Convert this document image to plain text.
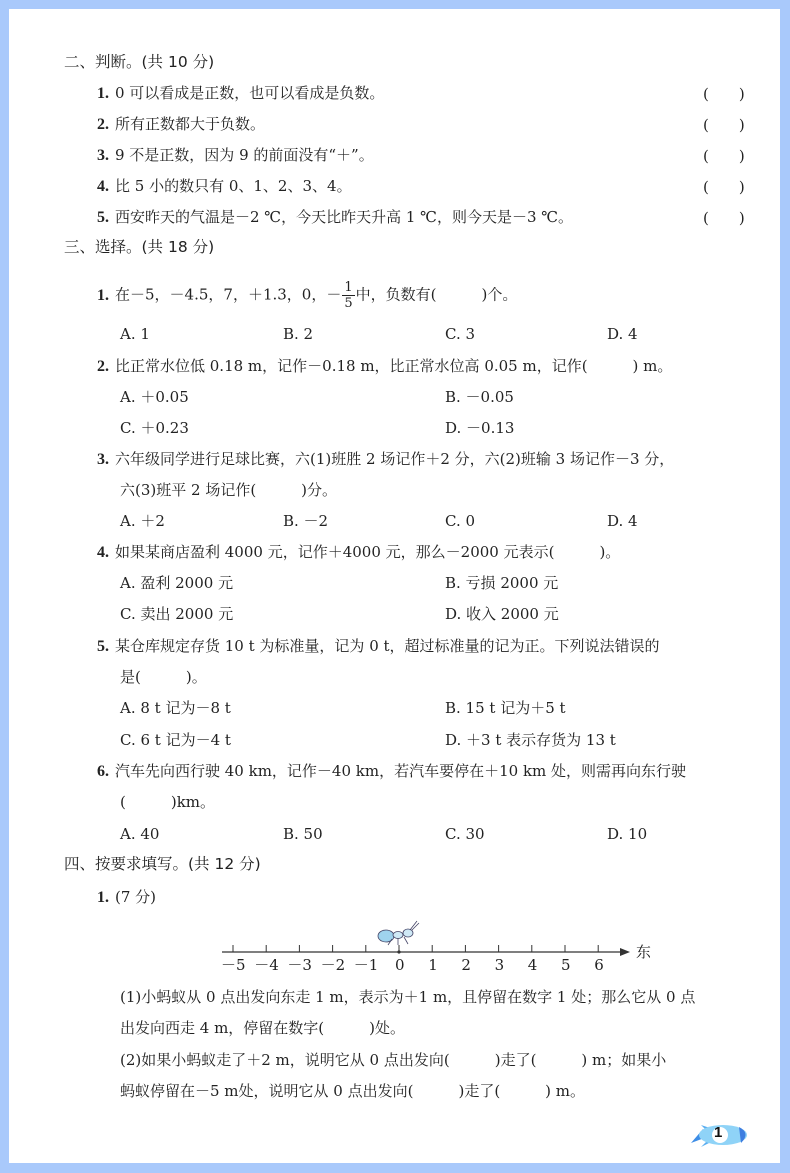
二、判断。(共 10 分)
1. 0 可以看成是正数，也可以看成是负数。	(　　)
2. 所有正数都大于负数。	(　　)
3. 9 不是正数，因为 9 的前面没有“＋”。	(　　)
4. 比 5 小的数只有 0、1、2、3、4。	(　　)
5. 西安昨天的气温是－2 ℃，今天比昨天升高 1 ℃，则今天是－3 ℃。	(　　)
三、选择。(共 18 分)
1. 在－5，－4.5，7，＋1.3，0，－ $\frac{1}{5}$ 中，负数有(　　　)个。
A. 1	B. 2	C. 3	D. 4
2. 比正常水位低 0.18 m，记作－0.18 m，比正常水位高 0.05 m，记作(　　　) m。
A. ＋0.05	B. －0.05
C. ＋0.23	D. －0.13
3. 六年级同学进行足球比赛，六(1)班胜 2 场记作＋2 分，六(2)班输 3 场记作－3 分，
六(3)班平 2 场记作(　　　)分。
A. ＋2	B. －2	C. 0	D. 4
4. 如果某商店盈利 4000 元，记作＋4000 元，那么－2000 元表示(　　　)。
A. 盈利 2000 元	B. 亏损 2000 元
C. 卖出 2000 元	D. 收入 2000 元
5. 某仓库规定存货 10 t 为标准量，记为 0 t，超过标准量的记为正。下列说法错误的
是(　　　)。
A. 8 t 记为－8 t	B. 15 t 记为＋5 t
C. 6 t 记为－4 t	D. ＋3 t 表示存货为 13 t
6. 汽车先向西行驶 40 km，记作－40 km，若汽车要停在＋10 km 处，则需再向东行驶
(　　　)km。
A. 40	B. 50	C. 30	D. 10
四、按要求填写。(共 12 分)
1. (7 分)
东
－5 －4 －3 －2 －1 0 1 2 3 4 5 6
(1)小蚂蚁从 0 点出发向东走 1 m，表示为＋1 m，且停留在数字 1 处；那么它从 0 点
出发向西走 4 m，停留在数字(　　　)处。
(2)如果小蚂蚁走了＋2 m，说明它从 0 点出发向(　　　)走了(　　　) m；如果小
蚂蚁停留在－5 m处，说明它从 0 点出发向(　　　)走了(　　　) m。
1
